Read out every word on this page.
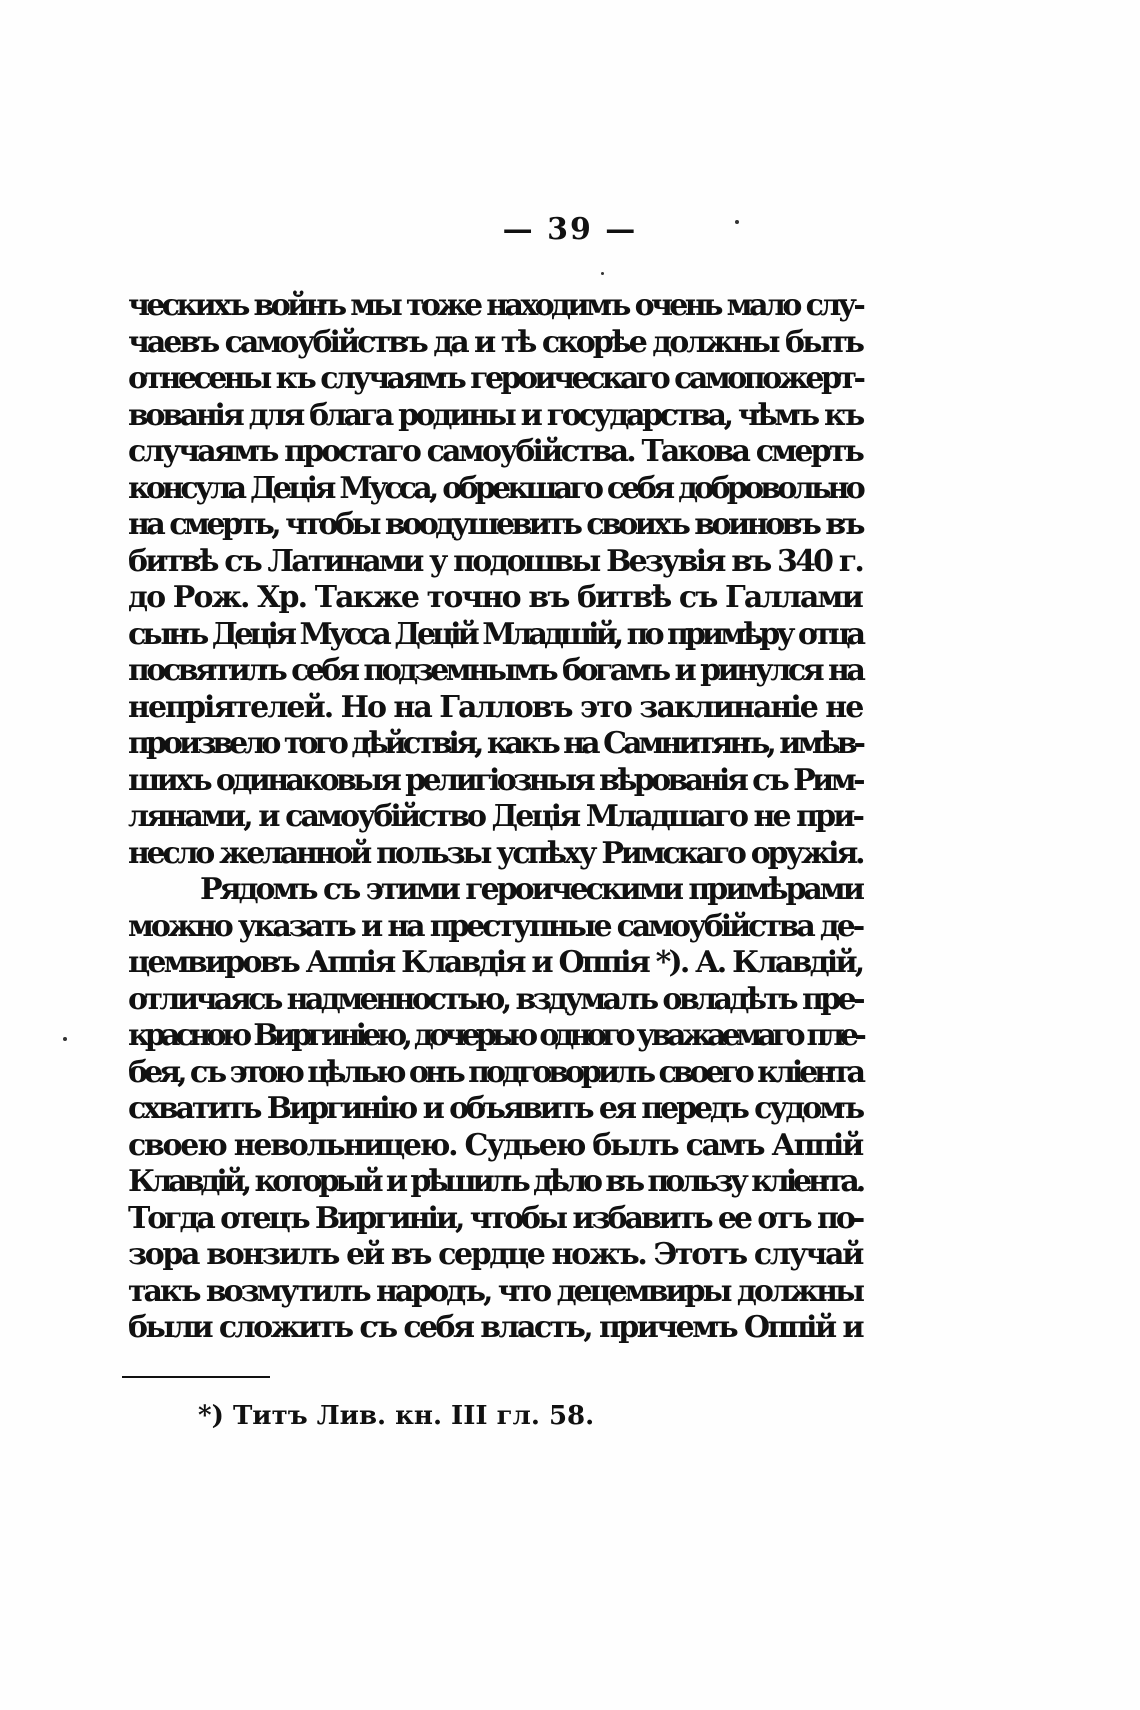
— 39 —
ческихъ войнъ мы тоже находимъ очень мало слу-
чаевъ самоубійствъ да и тѣ скорѣе должны быть
отнесены къ случаямъ героическаго самопожерт-
вованія для блага родины и государства, чѣмъ къ
случаямъ простаго самоубійства. Такова смерть
консула Деція Мусса, обрекшаго себя добровольно
на смерть, чтобы воодушевить своихъ воиновъ въ
битвѣ съ Латинами у подошвы Везувія въ 340 г.
до Рож. Хр. Также точно въ битвѣ съ Галлами
сынъ Деція Мусса Децій Младшій, по примѣру отца
посвятилъ себя подземнымъ богамъ и ринулся на
непріятелей. Но на Галловъ это заклинаніе не
произвело того дѣйствія, какъ на Самнитянъ, имѣв-
шихъ одинаковыя религіозныя вѣрованія съ Рим-
лянами, и самоубійство Деція Младшаго не при-
несло желанной пользы успѣху Римскаго оружія.
Рядомъ съ этими героическими примѣрами
можно указать и на преступные самоубійства де-
цемвировъ Аппія Клавдія и Оппія *). А. Клавдій,
отличаясь надменностью, вздумалъ овладѣть пре-
красною Виргиніею, дочерью одного уважаемаго пле-
бея, съ этою цѣлью онъ подговорилъ своего кліента
схватить Виргинію и объявить ея передъ судомъ
своею невольницею. Судьею былъ самъ Аппій
Клавдій, который и рѣшилъ дѣло въ пользу кліента.
Тогда отецъ Виргиніи, чтобы избавить ее отъ по-
зора вонзилъ ей въ сердце ножъ. Этотъ случай
такъ возмутилъ народъ, что децемвиры должны
были сложить съ себя власть, причемъ Оппій и
*) Титъ Лив. кн. III гл. 58.
